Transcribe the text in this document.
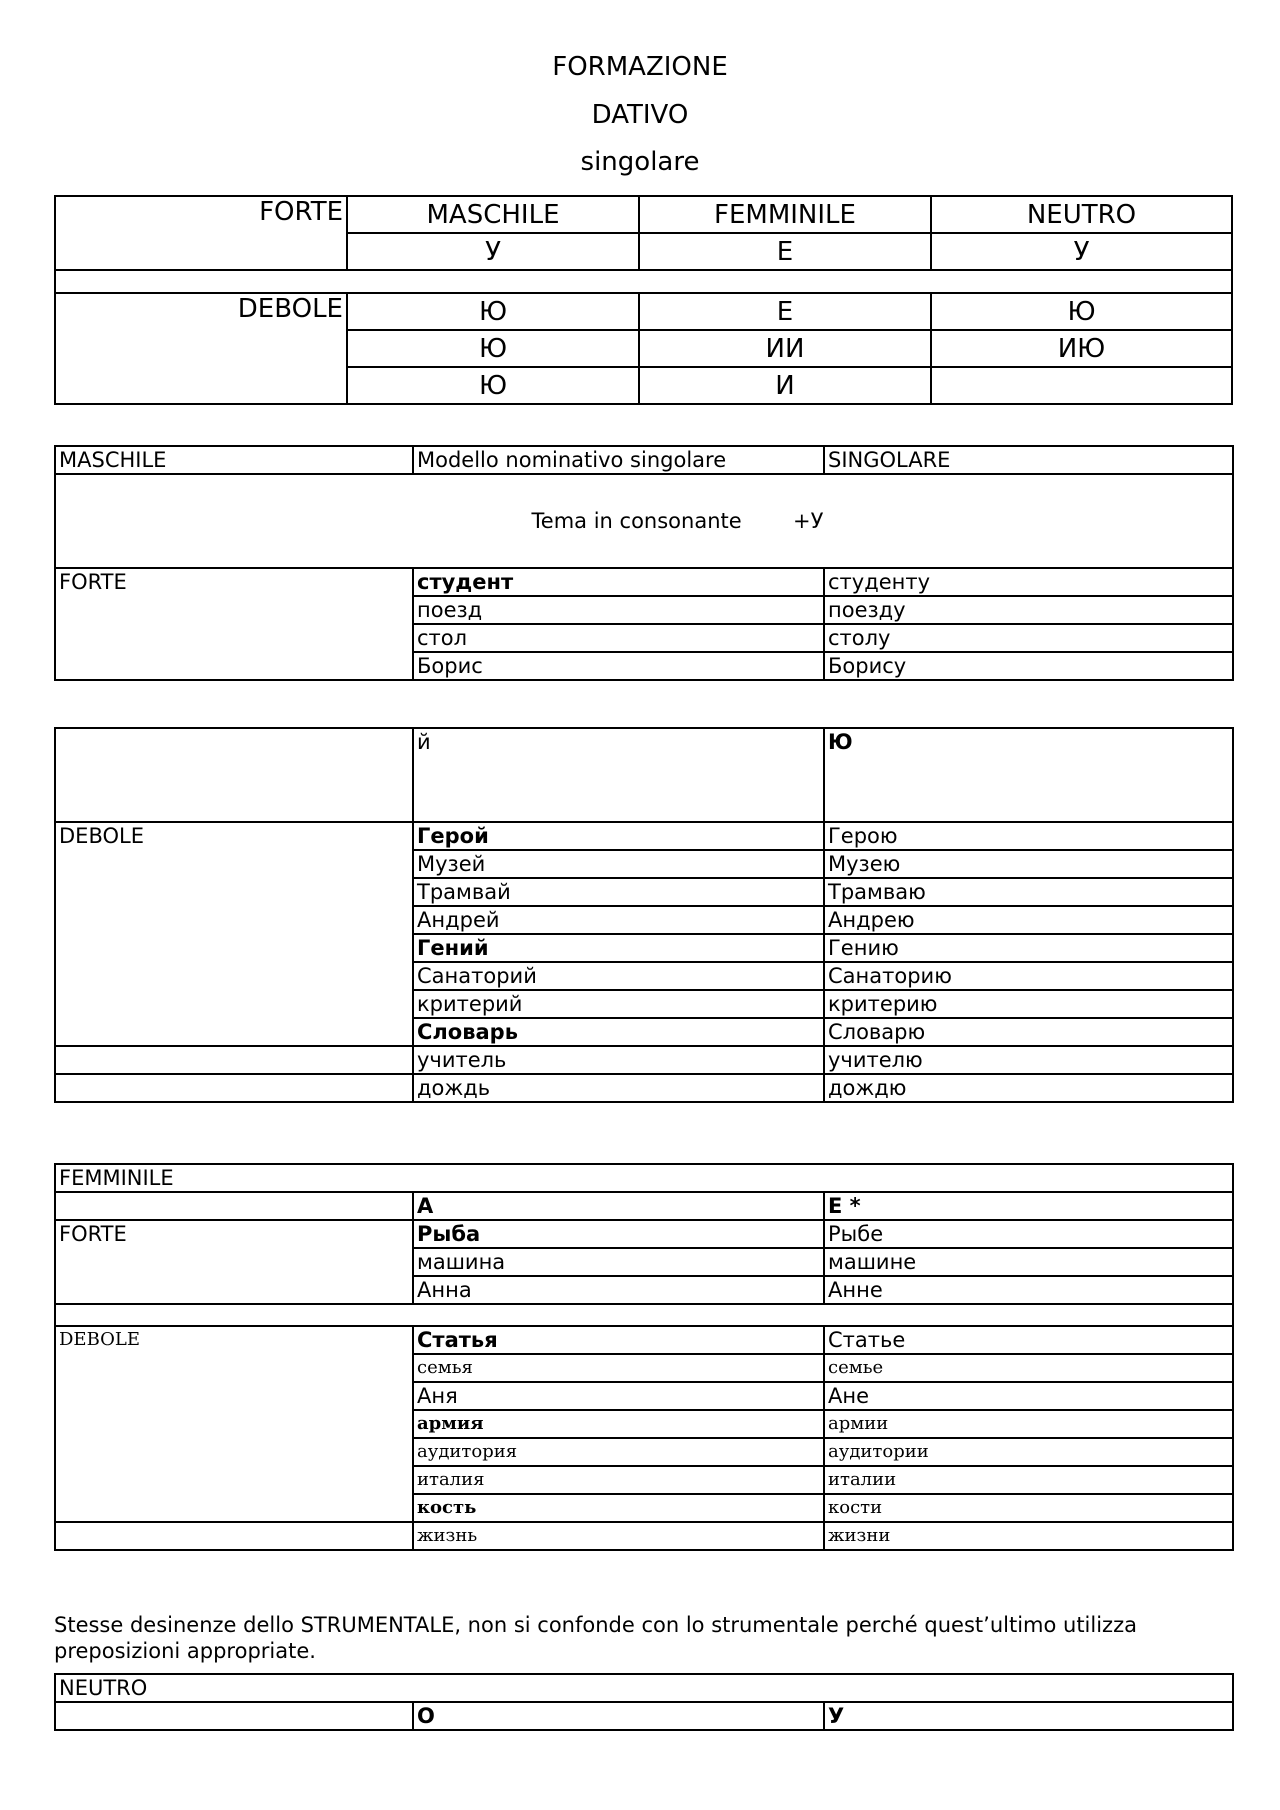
FORMAZIONE
DATIVO
singolare
FORTE	MASCHILE	FEMMINILE	NEUTRO
	У	Е	У

DEBOLE	Ю	Е	Ю
	Ю	ИИ	ИЮ
	Ю	И	
MASCHILE	Modello nominativo singolare	SINGOLARE
Tema in consonante +У		
FORTE	студент	студенту
	поезд	поезду
	стол	столу
	Борис	Борису
	й	Ю
DEBOLE	Герой	Герою
	Музей	Музею
	Трамвай	Трамваю
	Андрей	Андрею
	Гений	Гению
	Санаторий	Санаторию
	критерий	критерию
	Словарь	Словарю
	учитель	учителю
	дождь	дождю
FEMMINILE		
	А	Е *
FORTE	Рыба	Рыбе
	машина	машине
	Анна	Анне

DEBOLE	Статья	Статье
	семья	семье
	Аня	Ане
	армия	армии
	аудитория	аудитории
	италия	италии
	кость	кости
	жизнь	жизни
Stesse desinenze dello STRUMENTALE, non si confonde con lo strumentale perché quest’ultimo utilizza preposizioni appropriate.
NEUTRO
	О	У
